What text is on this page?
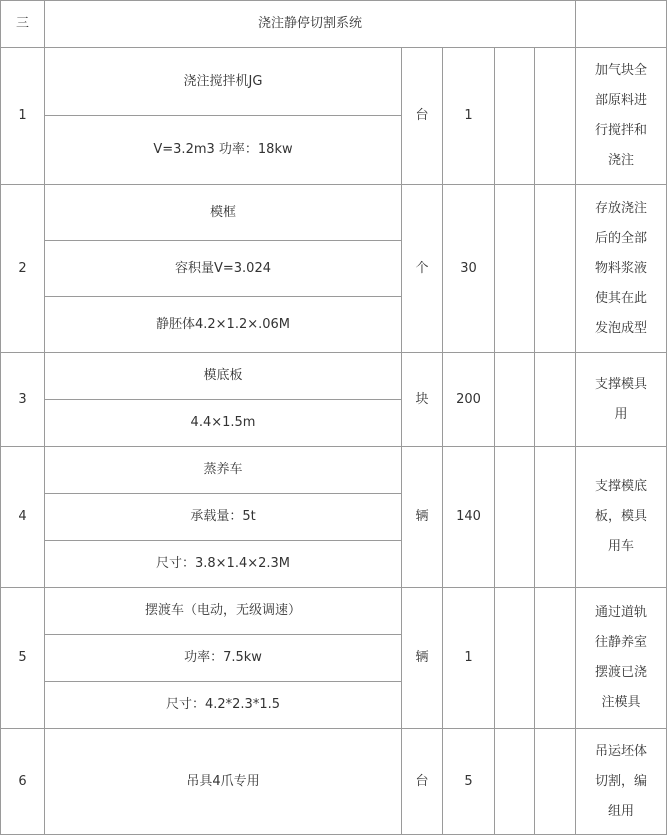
三	浇注静停切割系统					
1	浇注搅拌机JG	台	1			加气块全部原料进行搅拌和浇注

	V=3.2m3 功率：18kw					
2	模框	个	30			存放浇注后的全部物料浆液使其在此发泡成型

	容积量V=3.024					
	静胚体4.2×1.2×.06M					
3	模底板	块	200			支撑模具用

	4.4×1.5m					
4	蒸养车	辆	140			支撑模底板，模具用车

	承载量：5t					
	尺寸：3.8×1.4×2.3M					
5	摆渡车（电动，无级调速）	辆	1			通过道轨往静养室摆渡已浇注模具

	功率：7.5kw					
	尺寸：4.2*2.3*1.5					
6	吊具4爪专用	台	5			吊运坯体切割，编组用
